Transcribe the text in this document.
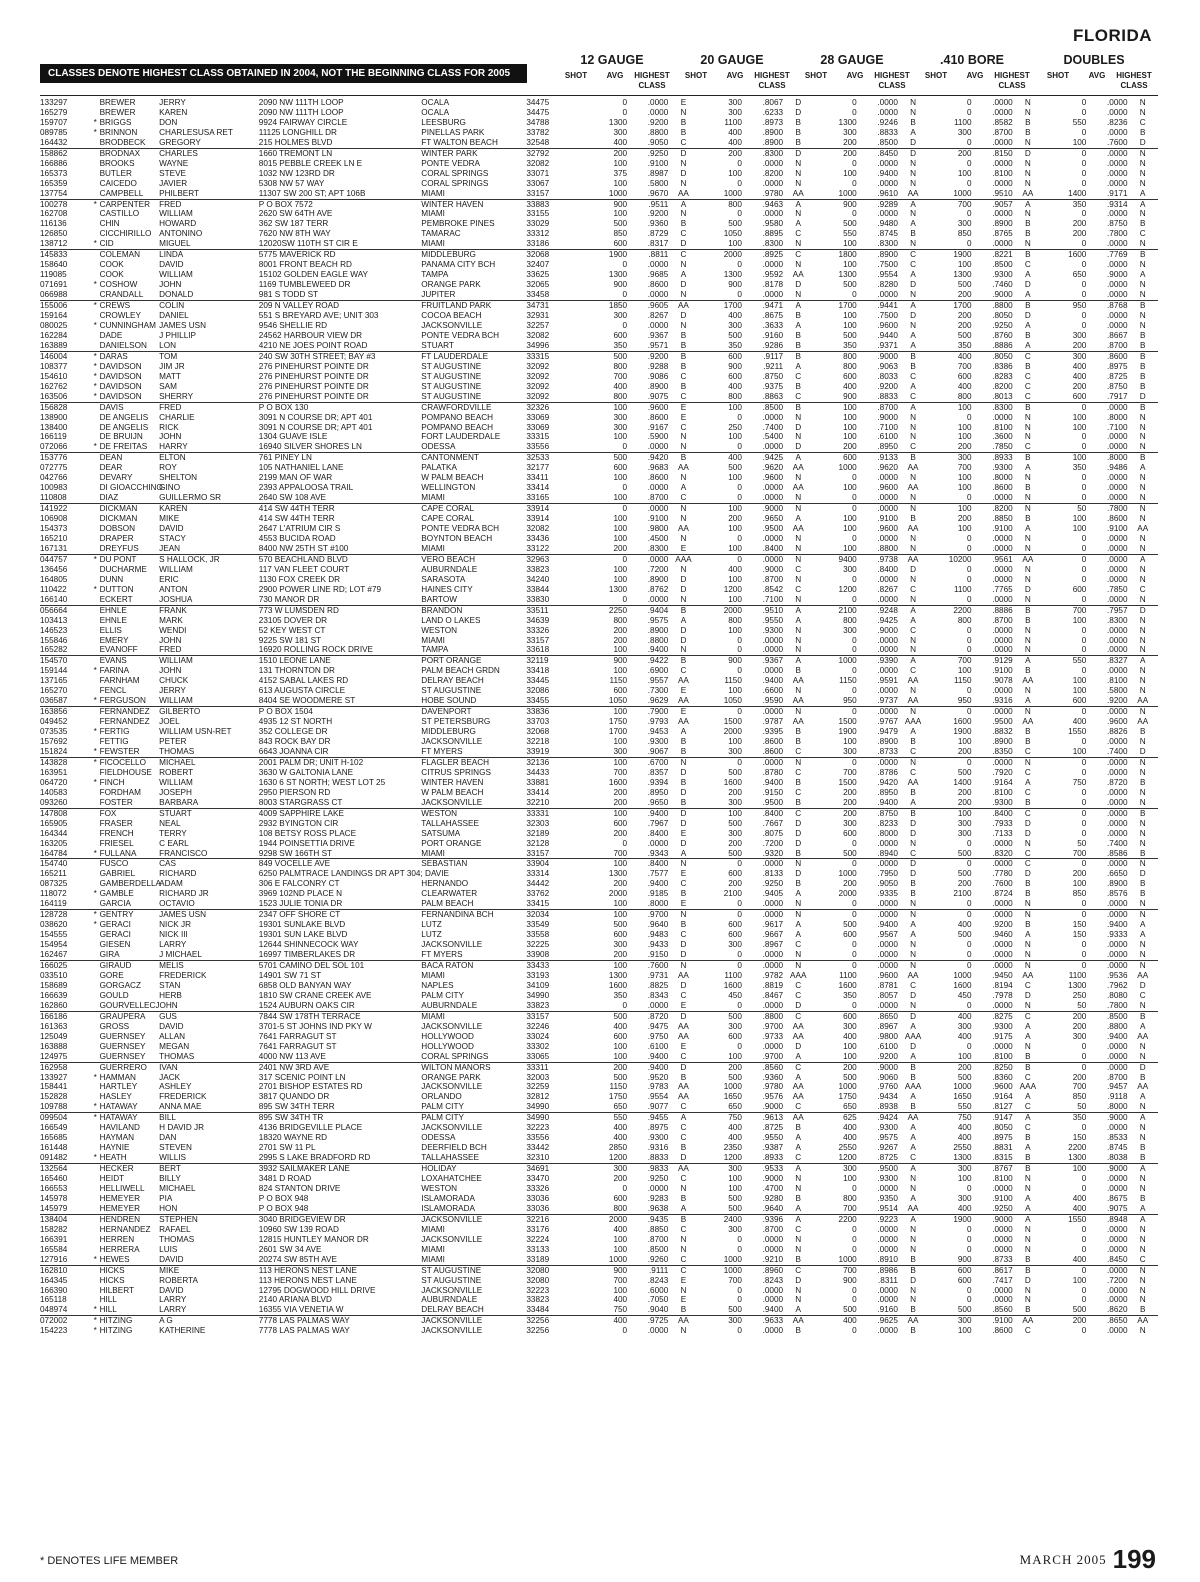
FLORIDA
CLASSES DENOTE HIGHEST CLASS OBTAINED IN 2004, NOT THE BEGINNING CLASS FOR 2005
12 GAUGE	20 GAUGE	28 GAUGE	.410 BORE	DOUBLES
SHOT	AVG	HIGHEST
CLASS
SHOT	AVG	HIGHEST
CLASS
SHOT	AVG	HIGHEST
CLASS
SHOT	AVG	HIGHEST
CLASS
SHOT	AVG	HIGHEST
CLASS
133297		BREWER	JERRY	2090 NW 111TH LOOP	OCALA	34475	0	.0000	E	300	.8067	D	0	.0000	N	0	.0000	N	0	.0000	N
165279		BREWER	KAREN	2090 NW 111TH LOOP	OCALA	34475	0	.0000	N	300	.6233	D	0	.0000	N	0	.0000	N	0	.0000	N
159707	*	BRIGGS	DON	9924 FAIRWAY CIRCLE	LEESBURG	34788	1300	.9200	B	1100	.8973	B	1300	.9246	B	1100	.8582	B	550	.8236	C
089785	*	BRINNON	CHARLESUSA RET	11125 LONGHILL DR	PINELLAS PARK	33782	300	.8800	B	400	.8900	B	300	.8833	A	300	.8700	B	0	.0000	B
164432		BRODBECK	GREGORY	215 HOLMES BLVD	FT WALTON BEACH	32548	400	.9050	C	400	.8900	B	200	.8500	D	0	.0000	N	100	.7600	D
158862		BRODNAX	CHARLES	1660 TREMONT LN	WINTER PARK	32792	200	.9250	D	200	.8300	D	200	.8450	D	200	.8150	D	0	.0000	N
166886		BROOKS	WAYNE	8015 PEBBLE CREEK LN E	PONTE VEDRA	32082	100	.9100	N	0	.0000	N	0	.0000	N	0	.0000	N	0	.0000	N
165373		BUTLER	STEVE	1032 NW 123RD DR	CORAL SPRINGS	33071	375	.8987	D	100	.8200	N	100	.9400	N	100	.8100	N	0	.0000	N
165359		CAICEDO	JAVIER	5308 NW 57 WAY	CORAL SPRINGS	33067	100	.5800	N	0	.0000	N	0	.0000	N	0	.0000	N	0	.0000	N
137754		CAMPBELL	PHILBERT	11307 SW 200 ST; APT 106B	MIAMI	33157	1000	.9670	AA	1000	.9780	AA	1000	.9610	AA	1000	.9510	AA	1400	.9171	A
100278	*	CARPENTER	FRED	P O BOX 7572	WINTER HAVEN	33883	900	.9511	A	800	.9463	A	900	.9289	A	700	.9057	A	350	.9314	A
162708		CASTILLO	WILLIAM	2620 SW 64TH AVE	MIAMI	33155	100	.9200	N	0	.0000	N	0	.0000	N	0	.0000	N	0	.0000	N
116136		CHIN	HOWARD	362 SW 187 TERR	PEMBROKE PINES	33029	500	.9360	B	500	.9580	A	500	.9480	A	300	.8900	B	200	.8750	B
126850		CICCHIRILLO	ANTONINO	7620 NW 8TH WAY	TAMARAC	33312	850	.8729	C	1050	.8895	C	550	.8745	B	850	.8765	B	200	.7800	C
138712	*	CID	MIGUEL	12020SW 110TH ST CIR E	MIAMI	33186	600	.8317	D	100	.8300	N	100	.8300	N	0	.0000	N	0	.0000	N
145833		COLEMAN	LINDA	5775 MAVERICK RD	MIDDLEBURG	32068	1900	.8811	C	2000	.8925	C	1800	.8900	C	1900	.8221	B	1600	.7769	B
158640		COOK	DAVID	8001 FRONT BEACH RD	PANAMA CITY BCH	32407	0	.0000	N	0	.0000	N	100	.7500	C	100	.8500	C	0	.0000	N
119085		COOK	WILLIAM	15102 GOLDEN EAGLE WAY	TAMPA	33625	1300	.9685	A	1300	.9592	AA	1300	.9554	A	1300	.9300	A	650	.9000	A
071691	*	COSHOW	JOHN	1169 TUMBLEWEED DR	ORANGE PARK	32065	900	.8600	D	900	.8178	D	500	.8280	D	500	.7460	D	0	.0000	N
066988		CRANDALL	DONALD	981 S TODD ST	JUPITER	33458	0	.0000	N	0	.0000	N	0	.0000	N	200	.9000	A	0	.0000	N
155006	*	CREWS	COLIN	209 N VALLEY ROAD	FRUITLAND PARK	34731	1850	.9605	AA	1700	.9471	A	1700	.9441	A	1700	.8800	B	950	.8768	B
159164		CROWLEY	DANIEL	551 S BREYARD AVE; UNIT 303	COCOA BEACH	32931	300	.8267	D	400	.8675	B	100	.7500	D	200	.8050	D	0	.0000	N
080025	*	CUNNINGHAM	JAMES USN	9546 SHELLIE RD	JACKSONVILLE	32257	0	.0000	N	300	.3633	A	100	.9600	N	200	.9250	A	0	.0000	N
162284		DADE	J PHILLIP	24562 HARBOUR VIEW DR	PONTE VEDRA BCH	32082	600	.9367	B	500	.9160	B	500	.9440	A	500	.8760	B	300	.8667	B
163889		DANIELSON	LON	4210 NE JOES POINT ROAD	STUART	34996	350	.9571	B	350	.9286	B	350	.9371	A	350	.8886	A	200	.8700	B
146004	*	DARAS	TOM	240 SW 30TH STREET; BAY #3	FT LAUDERDALE	33315	500	.9200	B	600	.9117	B	800	.9000	B	400	.8050	C	300	.8600	B
108377	*	DAVIDSON	JIM JR	276 PINEHURST POINTE DR	ST AUGUSTINE	32092	800	.9288	B	900	.9211	A	800	.9063	B	700	.8386	B	400	.8975	B
154610	*	DAVIDSON	MATT	276 PINEHURST POINTE DR	ST AUGUSTINE	32092	700	.9086	C	600	.8750	C	600	.8033	C	600	.8283	C	400	.8725	B
162762	*	DAVIDSON	SAM	276 PINEHURST POINTE DR	ST AUGUSTINE	32092	400	.8900	B	400	.9375	B	400	.9200	A	400	.8200	C	200	.8750	B
163506	*	DAVIDSON	SHERRY	276 PINEHURST POINTE DR	ST AUGUSTINE	32092	800	.9075	C	800	.8863	C	900	.8833	C	800	.8013	C	600	.7917	D
156828		DAVIS	FRED	P O BOX 130	CRAWFORDVILLE	32326	100	.9600	E	100	.8500	B	100	.8700	A	100	.8300	B	0	.0000	B
138900		DE ANGELIS	CHARLIE	3091 N COURSE DR; APT 401	POMPANO BEACH	33069	300	.8600	E	0	.0000	N	100	.9000	N	0	.0000	N	100	.8000	N
138400		DE ANGELIS	RICK	3091 N COURSE DR; APT 401	POMPANO BEACH	33069	300	.9167	C	250	.7400	D	100	.7100	N	100	.8100	N	100	.7100	N
166119		DE BRUIJN	JOHN	1304 GUAVE ISLE	FORT LAUDERDALE	33315	100	.5900	N	100	.5400	N	100	.6100	N	100	.3600	N	0	.0000	N
072066	*	DE FREITAS	HARRY	16940 SILVER SHORES LN	ODESSA	33556	0	.0000	N	0	.0000	D	200	.8950	C	200	.7850	C	0	.0000	N
153776		DEAN	ELTON	761 PINEY LN	CANTONMENT	32533	500	.9420	B	400	.9425	A	600	.9133	B	300	.8933	B	100	.8000	B
072775		DEAR	ROY	105 NATHANIEL LANE	PALATKA	32177	600	.9683	AA	500	.9620	AA	1000	.9620	AA	700	.9300	A	350	.9486	A
042766		DEVARY	SHELTON	2199 MAN OF WAR	W PALM BEACH	33411	100	.8600	N	100	.9600	N	0	.0000	N	100	.8000	N	0	.0000	N
100983		DI GIOACCHINO	GINO	2393 APPALOOSA TRAIL	WELLINGTON	33414	0	.0000	A	0	.0000	AA	100	.9600	AA	100	.8600	B	0	.0000	N
110808		DIAZ	GUILLERMO SR	2640 SW 108 AVE	MIAMI	33165	100	.8700	C	0	.0000	N	0	.0000	N	0	.0000	N	0	.0000	N
141922		DICKMAN	KAREN	414 SW 44TH TERR	CAPE CORAL	33914	0	.0000	N	100	.9000	N	0	.0000	N	100	.8200	N	50	.7800	N
106908		DICKMAN	MIKE	414 SW 44TH TERR	CAPE CORAL	33914	100	.9100	N	200	.9650	A	100	.9100	B	200	.8850	B	100	.8600	N
154373		DOBSON	DAVID	2647 L'ATRIUM CIR S	PONTE VEDRA BCH	32082	100	.9800	AA	100	.9500	AA	100	.9600	AA	100	.9100	A	100	.9100	AA
165210		DRAPER	STACY	4553 BUCIDA ROAD	BOYNTON BEACH	33436	100	.4500	N	0	.0000	N	0	.0000	N	0	.0000	N	0	.0000	N
167131		DREYFUS	JEAN	8400 NW 25TH ST #100	MIAMI	33122	200	.8300	E	100	.8400	N	100	.8800	N	0	.0000	N	0	.0000	N
044757	*	DU PONT	S HALLOCK, JR	570 BEACHLAND BLVD	VERO BEACH	32963	0	.0000	AAA	0	.0000	N	9400	.9738	AA	10200	.9561	AA	0	.0000	A
136456		DUCHARME	WILLIAM	117 VAN FLEET COURT	AUBURNDALE	33823	100	.7200	N	400	.9000	C	300	.8400	D	0	.0000	N	0	.0000	N
164805		DUNN	ERIC	1130 FOX CREEK DR	SARASOTA	34240	100	.8900	D	100	.8700	N	0	.0000	N	0	.0000	N	0	.0000	N
110422	*	DUTTON	ANTON	2900 POWER LINE RD; LOT #79	HAINES CITY	33844	1300	.8762	D	1200	.8542	C	1200	.8267	C	1100	.7765	D	600	.7850	C
166140		ECKERT	JOSHUA	730 MANOR DR	BARTOW	33830	0	.0000	N	100	.7100	N	0	.0000	N	0	.0000	N	0	.0000	N
056664		EHNLE	FRANK	773 W LUMSDEN RD	BRANDON	33511	2250	.9404	B	2000	.9510	A	2100	.9248	A	2200	.8886	B	700	.7957	D
103413		EHNLE	MARK	23105 DOVER DR	LAND O LAKES	34639	800	.9575	A	800	.9550	A	800	.9425	A	800	.8700	B	100	.8300	N
146523		ELLIS	WENDI	52 KEY WEST CT	WESTON	33326	200	.8900	D	100	.9300	N	300	.9000	C	0	.0000	N	0	.0000	N
155846		EMERY	JOHN	9225 SW 181 ST	MIAMI	33157	200	.8800	D	0	.0000	N	0	.0000	N	0	.0000	N	0	.0000	N
165282		EVANOFF	FRED	16920 ROLLING ROCK DRIVE	TAMPA	33618	100	.9400	N	0	.0000	N	0	.0000	N	0	.0000	N	0	.0000	N
154570		EVANS	WILLIAM	1510 LEONE LANE	PORT ORANGE	32119	900	.9422	B	900	.9367	A	1000	.9390	A	700	.9129	A	550	.8327	A
159144	*	FARINA	JOHN	131 THORNTON DR	PALM BEACH GRDN	33418	100	.6900	C	0	.0000	B	0	.0000	C	100	.9100	B	0	.0000	N
137165		FARNHAM	CHUCK	4152 SABAL LAKES RD	DELRAY BEACH	33445	1150	.9557	AA	1150	.9400	AA	1150	.9591	AA	1150	.9078	AA	100	.8100	N
165270		FENCL	JERRY	613 AUGUSTA CIRCLE	ST AUGUSTINE	32086	600	.7300	E	100	.6600	N	0	.0000	N	0	.0000	N	100	.5800	N
036587	*	FERGUSON	WILLIAM	8404 SE WOODMERE ST	HOBE SOUND	33455	1050	.9629	AA	1050	.9590	AA	950	.9737	AA	950	.9316	A	600	.9200	AA
163856		FERNANDEZ	GILBERTO	P O BOX 1504	DAVENPORT	33836	100	.7900	E	0	.0000	N	0	.0000	N	0	.0000	N	0	.0000	N
049452		FERNANDEZ	JOEL	4935 12 ST NORTH	ST PETERSBURG	33703	1750	.9793	AA	1500	.9787	AA	1500	.9767	AAA	1600	.9500	AA	400	.9600	AA
073535	*	FERTIG	WILLIAM USN-RET	352 COLLEGE DR	MIDDLEBURG	32068	1700	.9453	A	2000	.9395	B	1900	.9479	A	1900	.8832	B	1550	.8826	B
157692		FETTIG	PETER	843 ROCK BAY DR	JACKSONVILLE	32218	100	.9300	B	100	.8600	B	100	.8900	B	100	.8900	B	0	.0000	N
151824	*	FEWSTER	THOMAS	6643 JOANNA CIR	FT MYERS	33919	300	.9067	B	300	.8600	C	300	.8733	C	200	.8350	C	100	.7400	D
143828	*	FICOCELLO	MICHAEL	2001 PALM DR; UNIT H-102	FLAGLER BEACH	32136	100	.6700	N	0	.0000	N	0	.0000	N	0	.0000	N	0	.0000	N
163951		FIELDHOUSE	ROBERT	3630 W GALTONIA LANE	CITRUS SPRINGS	34433	700	.8357	D	500	.8780	C	700	.8786	C	500	.7920	C	0	.0000	N
064720	*	FINCH	WILLIAM	1630 6 ST NORTH; WEST LOT 25	WINTER HAVEN	33881	1600	.9394	B	1600	.9400	B	1500	.9420	AA	1400	.9164	A	750	.8720	B
140583		FORDHAM	JOSEPH	2950 PIERSON RD	W PALM BEACH	33414	200	.8950	D	200	.9150	C	200	.8950	B	200	.8100	C	0	.0000	N
093260		FOSTER	BARBARA	8003 STARGRASS CT	JACKSONVILLE	32210	200	.9650	B	300	.9500	B	200	.9400	A	200	.9300	B	0	.0000	N
147808		FOX	STUART	4009 SAPPHIRE LAKE	WESTON	33331	100	.9400	D	100	.8400	C	200	.8750	B	100	.8400	C	0	.0000	B
165905		FRASER	NEAL	2932 BYINGTON CIR	TALLAHASSEE	32303	600	.7967	D	500	.7667	D	300	.8233	D	300	.7933	D	0	.0000	N
164344		FRENCH	TERRY	108 BETSY ROSS PLACE	SATSUMA	32189	200	.8400	E	300	.8075	D	600	.8000	D	300	.7133	D	0	.0000	N
163205		FRIESEL	C EARL	1944 POINSETTIA DRIVE	PORT ORANGE	32128	0	.0000	D	200	.7200	D	0	.0000	N	0	.0000	N	50	.7400	N
164784	*	FULLANA	FRANCISCO	9298 SW 166TH ST	MIAMI	33157	700	.9343	A	500	.9320	B	500	.8940	C	500	.8320	C	700	.8586	B
154740		FUSCO	CAS	849 VOCELLE AVE	SEBASTIAN	33904	100	.8400	N	0	.0000	N	0	.0000	D	0	.0000	C	0	.0000	N
165211		GABRIEL	RICHARD	6250 PALMTRACE LANDINGS DR APT 304; DAVIE		33314	1300	.7577	E	600	.8133	D	1000	.7950	D	500	.7780	D	200	.6650	D
087325		GAMBERDELLA	ADAM	306 E FALCONRY CT	HERNANDO	34442	200	.9400	C	200	.9250	B	200	.9050	B	200	.7600	B	100	.8900	B
118072	*	GAMBLE	RICHARD JR	3969 102ND PLACE N	CLEARWATER	33762	2000	.9185	B	2100	.9405	A	2000	.9335	B	2100	.8724	B	850	.8576	B
164119		GARCIA	OCTAVIO	1523 JULIE TONIA DR	PALM BEACH	33415	100	.8000	E	0	.0000	N	0	.0000	N	0	.0000	N	0	.0000	N
128728	*	GENTRY	JAMES USN	2347 OFF SHORE CT	FERNANDINA BCH	32034	100	.9700	N	0	.0000	N	0	.0000	N	0	.0000	N	0	.0000	N
038620	*	GERACI	NICK JR	19301 SUNLAKE BLVD	LUTZ	33549	500	.9640	B	600	.9617	A	500	.9400	A	400	.9200	B	150	.9400	A
154555		GERACI	NICK III	19301 SUN LAKE BLVD	LUTZ	33558	600	.9483	C	600	.9667	A	600	.9567	A	500	.9460	A	150	.9333	A
154954		GIESEN	LARRY	12644 SHINNECOCK WAY	JACKSONVILLE	32225	300	.9433	D	300	.8967	C	0	.0000	N	0	.0000	N	0	.0000	N
162467		GIRA	J MICHAEL	16997 TIMBERLAKES DR	FT MYERS	33908	200	.9150	D	0	.0000	N	0	.0000	N	0	.0000	N	0	.0000	N
166025		GIRAUD	MELIS	5701 CAMINO DEL SOL 101	BACA RATON	33433	100	.7600	N	0	.0000	N	0	.0000	N	0	.0000	N	0	.0000	N
033510		GORE	FREDERICK	14901 SW 71 ST	MIAMI	33193	1300	.9731	AA	1100	.9782	AAA	1100	.9600	AA	1000	.9450	AA	1100	.9536	AA
158689		GORGACZ	STAN	6858 OLD BANYAN WAY	NAPLES	34109	1600	.8825	D	1600	.8819	C	1600	.8781	C	1600	.8194	C	1300	.7962	D
166639		GOULD	HERB	1810 SW CRANE CREEK AVE	PALM CITY	34990	350	.8343	C	450	.8467	C	350	.8057	D	450	.7978	D	250	.8080	C
162860		GOURVELLECJOHN		1524 AUBURN OAKS CIR	AUBURNDALE	33823	0	.0000	E	0	.0000	D	0	.0000	N	0	.0000	N	50	.7800	N
166186		GRAUPERA	GUS	7844 SW 178TH TERRACE	MIAMI	33157	500	.8720	D	500	.8800	C	600	.8650	D	400	.8275	C	200	.8500	B
161363		GROSS	DAVID	3701-5 ST JOHNS IND PKY W	JACKSONVILLE	32246	400	.9475	AA	300	.9700	AA	300	.8967	A	300	.9300	A	200	.8800	A
125049		GUERNSEY	ALLAN	7641 FARRAGUT ST	HOLLYWOOD	33024	600	.9750	AA	600	.9733	AA	400	.9800	AAA	400	.9175	A	300	.9400	AA
163888		GUERNSEY	MEGAN	7641 FARRAGUT ST	HOLLYWOOD	33302	100	.6100	E	0	.0000	D	100	.6100	D	0	.0000	N	0	.0000	N
124975		GUERNSEY	THOMAS	4000 NW 113 AVE	CORAL SPRINGS	33065	100	.9400	C	100	.9700	A	100	.9200	A	100	.8100	B	0	.0000	N
162958		GUERRERO	IVAN	2401 NW 3RD AVE	WILTON MANORS	33311	200	.9400	D	200	.8560	C	200	.9000	B	200	.8250	B	0	.0000	D
133927	*	HAMMAN	JACK	317 SCENIC POINT LN	ORANGE PARK	32003	500	.9520	B	500	.9360	A	500	.9060	B	500	.8360	C	200	.8700	B
158441		HARTLEY	ASHLEY	2701 BISHOP ESTATES RD	JACKSONVILLE	32259	1150	.9783	AA	1000	.9780	AA	1000	.9760	AAA	1000	.9600	AAA	700	.9457	AA
152828		HASLEY	FREDERICK	3817 QUANDO DR	ORLANDO	32812	1750	.9554	AA	1650	.9576	AA	1750	.9434	A	1650	.9164	A	850	.9118	A
109788	*	HATAWAY	ANNA MAE	895 SW 34TH TERR	PALM CITY	34990	650	.9077	C	650	.9000	C	650	.8938	B	550	.8127	C	50	.8000	N
099504	*	HATAWAY	BILL	895 SW 34TH TR	PALM CITY	34990	550	.9455	A	750	.9613	AA	625	.9424	AA	750	.9147	A	350	.9000	A
166549		HAVILAND	H DAVID JR	4136 BRIDGEVILLE PLACE	JACKSONVILLE	32223	400	.8975	C	400	.8725	B	400	.9300	A	400	.8050	C	0	.0000	N
165685		HAYMAN	DAN	18320 WAYNE RD	ODESSA	33556	400	.9300	C	400	.9550	A	400	.9575	A	400	.8975	B	150	.8533	N
161448		HAYNIE	STEVEN	2701 SW 11 PL	DEERFIELD BCH	33442	2850	.9316	B	2350	.9387	A	2550	.9267	A	2550	.8831	A	2200	.8745	B
091482	*	HEATH	WILLIS	2995 S LAKE BRADFORD RD	TALLAHASSEE	32310	1200	.8833	D	1200	.8933	C	1200	.8725	C	1300	.8315	B	1300	.8038	B
132564		HECKER	BERT	3932 SAILMAKER LANE	HOLIDAY	34691	300	.9833	AA	300	.9533	A	300	.9500	A	300	.8767	B	100	.9000	A
165460		HEIDT	BILLY	3481 D ROAD	LOXAHATCHEE	33470	200	.9250	C	100	.9000	N	100	.9300	N	100	.8100	N	0	.0000	N
166553		HELLIWELL	MICHAEL	824 STANTON DRIVE	WESTON	33326	0	.0000	N	100	.4700	N	0	.0000	N	0	.0000	N	0	.0000	N
145978		HEMEYER	PIA	P O BOX 948	ISLAMORADA	33036	600	.9283	B	500	.9280	B	800	.9350	A	300	.9100	A	400	.8675	B
145979		HEMEYER	HON	P O BOX 948	ISLAMORADA	33036	800	.9638	A	500	.9640	A	700	.9514	AA	400	.9250	A	400	.9075	A
138404		HENDREN	STEPHEN	3040 BRIDGEVIEW DR	JACKSONVILLE	32216	2000	.9435	B	2400	.9396	A	2200	.9223	A	1900	.9000	A	1550	.8948	A
158282		HERNANDEZ	RAFAEL	10960 SW 139 ROAD	MIAMI	33176	400	.8850	C	300	.8700	C	0	.0000	N	0	.0000	N	0	.0000	N
166391		HERREN	THOMAS	12815 HUNTLEY MANOR DR	JACKSONVILLE	32224	100	.8700	N	0	.0000	N	0	.0000	N	0	.0000	N	0	.0000	N
165584		HERRERA	LUIS	2601 SW 34 AVE	MIAMI	33133	100	.8500	N	0	.0000	N	0	.0000	N	0	.0000	N	0	.0000	N
127916	*	HEWES	DAVID	20274 SW 85TH AVE	MIAMI	33189	1000	.9260	C	1000	.9210	B	1000	.8910	B	900	.8733	B	400	.8450	C
162810		HICKS	MIKE	113 HERONS NEST LANE	ST AUGUSTINE	32080	900	.9111	C	1000	.8960	C	700	.8986	B	600	.8617	B	0	.0000	N
164345		HICKS	ROBERTA	113 HERONS NEST LANE	ST AUGUSTINE	32080	700	.8243	E	700	.8243	D	900	.8311	D	600	.7417	D	100	.7200	N
166390		HILBERT	DAVID	12795 DOGWOOD HILL DRIVE	JACKSONVILLE	32223	100	.6000	N	0	.0000	N	0	.0000	N	0	.0000	N	0	.0000	N
165118		HILL	LARRY	2140 ARIANA BLVD	AUBURNDALE	33823	400	.7050	E	0	.0000	N	0	.0000	N	0	.0000	N	0	.0000	N
048974	*	HILL	LARRY	16355 VIA VENETIA W	DELRAY BEACH	33484	750	.9040	B	500	.9400	A	500	.9160	B	500	.8560	B	500	.8620	B
072002	*	HITZING	A G	7778 LAS PALMAS WAY	JACKSONVILLE	32256	400	.9725	AA	300	.9633	AA	400	.9625	AA	300	.9100	AA	200	.8650	AA
154223	*	HITZING	KATHERINE	7778 LAS PALMAS WAY	JACKSONVILLE	32256	0	.0000	N	0	.0000	B	0	.0000	B	100	.8600	C	0	.0000	N
* DENOTES LIFE MEMBER	MARCH 2005 199
